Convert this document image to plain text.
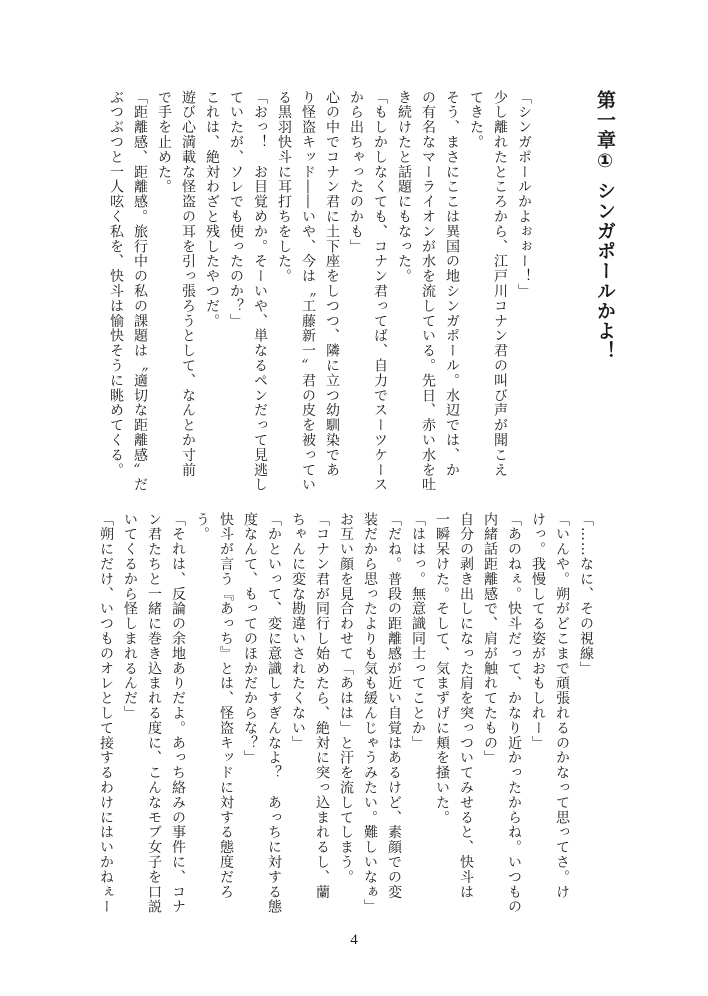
第一章① シンガポールかよ！
「シンガポールかよぉぉー！」
少し離れたところから、江戸川コナン君の叫び声が聞こえ
てきた。
そう、まさにここは異国の地シンガポール。水辺では、か
の有名なマーライオンが水を流している。先日、赤い水を吐
き続けたと話題にもなった。
「もしかしなくても、コナン君ってば、自力でスーツケース
から出ちゃったのかも」
心の中でコナン君に土下座をしつつ、隣に立つ幼馴染であ
り怪盗キッド――いや、今は〝工藤新一〟君の皮を被ってい
る黒羽快斗に耳打ちをした。
「おっ！　お目覚めか。そーいや、単なるペンだって見逃し
ていたが、ソレでも使ったのか？」
これは、絶対わざと残したやつだ。
遊び心満載な怪盗の耳を引っ張ろうとして、なんとか寸前
で手を止めた。
「距離感、距離感。旅行中の私の課題は〝適切な距離感〟だ
ぶつぶつと一人呟く私を、快斗は愉快そうに眺めてくる。
「……なに、その視線」
「いんや。朔がどこまで頑張れるのかなって思ってさ。け
けっ。我慢してる姿がおもしれー」
「あのねぇ。快斗だって、かなり近かったからね。いつもの
内緒話距離感で、肩が触れてたもの」
自分の剥き出しになった肩を突っついてみせると、快斗は
一瞬呆けた。そして、気まずげに頬を掻いた。
「ははっ。無意識同士ってことか」
「だね。普段の距離感が近い自覚はあるけど、素顔での変
装だから思ったよりも気も緩んじゃうみたい。難しいなぁ」
お互い顔を見合わせて「あはは」と汗を流してしまう。
「コナン君が同行し始めたら、絶対に突っ込まれるし、蘭
ちゃんに変な勘違いされたくない」
「かといって、変に意識しすぎんなよ？　あっちに対する態
度なんて、もってのほかだからな？」
快斗が言う『あっち』とは、怪盗キッドに対する態度だろ
う。
「それは、反論の余地ありだよ。あっち絡みの事件に、コナ
ン君たちと一緒に巻き込まれる度に、こんなモブ女子を口説
いてくるから怪しまれるんだ」
「朔にだけ、いつものオレとして接するわけにはいかねぇー
4
